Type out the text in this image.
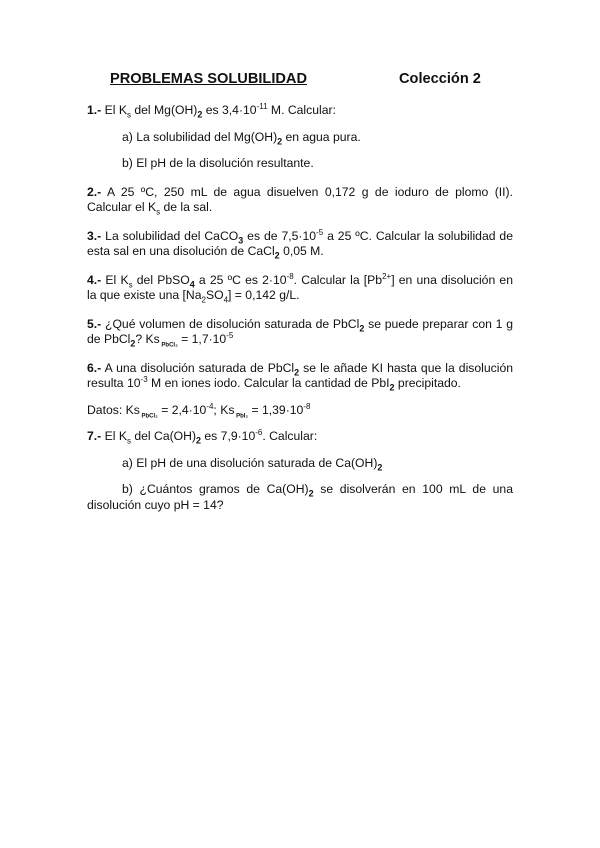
PROBLEMAS SOLUBILIDAD	Colección 2

1.- El $K_s$ del $Mg(OH)_2$ es $3,4\cdot 10^{-11}$ M. Calcular:

a) La solubilidad del $Mg(OH)_2$ en agua pura.

b) El pH de la disolución resultante.

2.- A 25 ºC, 250 mL de agua disuelven 0,172 g de ioduro de plomo (II). Calcular el $K_s$ de la sal.

3.- La solubilidad del CaCO$_3$ es de $7,5\cdot 10^{-5}$ a 25 ºC. Calcular la solubilidad de esta sal en una disolución de CaCl$_2$ 0,05 M.

4.- El $K_s$ del PbSO$_4$ a 25 ºC es $2\cdot 10^{-8}$. Calcular la $[Pb^{2+}]$ en una disolución en la que existe una $[Na_2SO_4] = 0,142$ g/L.

5.- ¿Qué volumen de disolución saturada de PbCl$_2$ se puede preparar con 1 g de PbCl$_2$? Ks $_{PbCl_2} = 1,7\cdot 10^{-5}$

6.- A una disolución saturada de PbCl$_2$ se le añade KI hasta que la disolución resulta $10^{-3}$ M en iones iodo. Calcular la cantidad de PbI$_2$ precipitado.

Datos: Ks $_{PbCl_2} = 2,4\cdot 10^{-4}$; Ks $_{PbI_2} = 1,39\cdot 10^{-8}$

7.- El $K_s$ del $Ca(OH)_2$ es $7,9\cdot 10^{-6}$. Calcular:

a) El pH de una disolución saturada de $Ca(OH)_2$

b) ¿Cuántos gramos de $Ca(OH)_2$ se disolverán en 100 mL de una disolución cuyo pH = 14?
